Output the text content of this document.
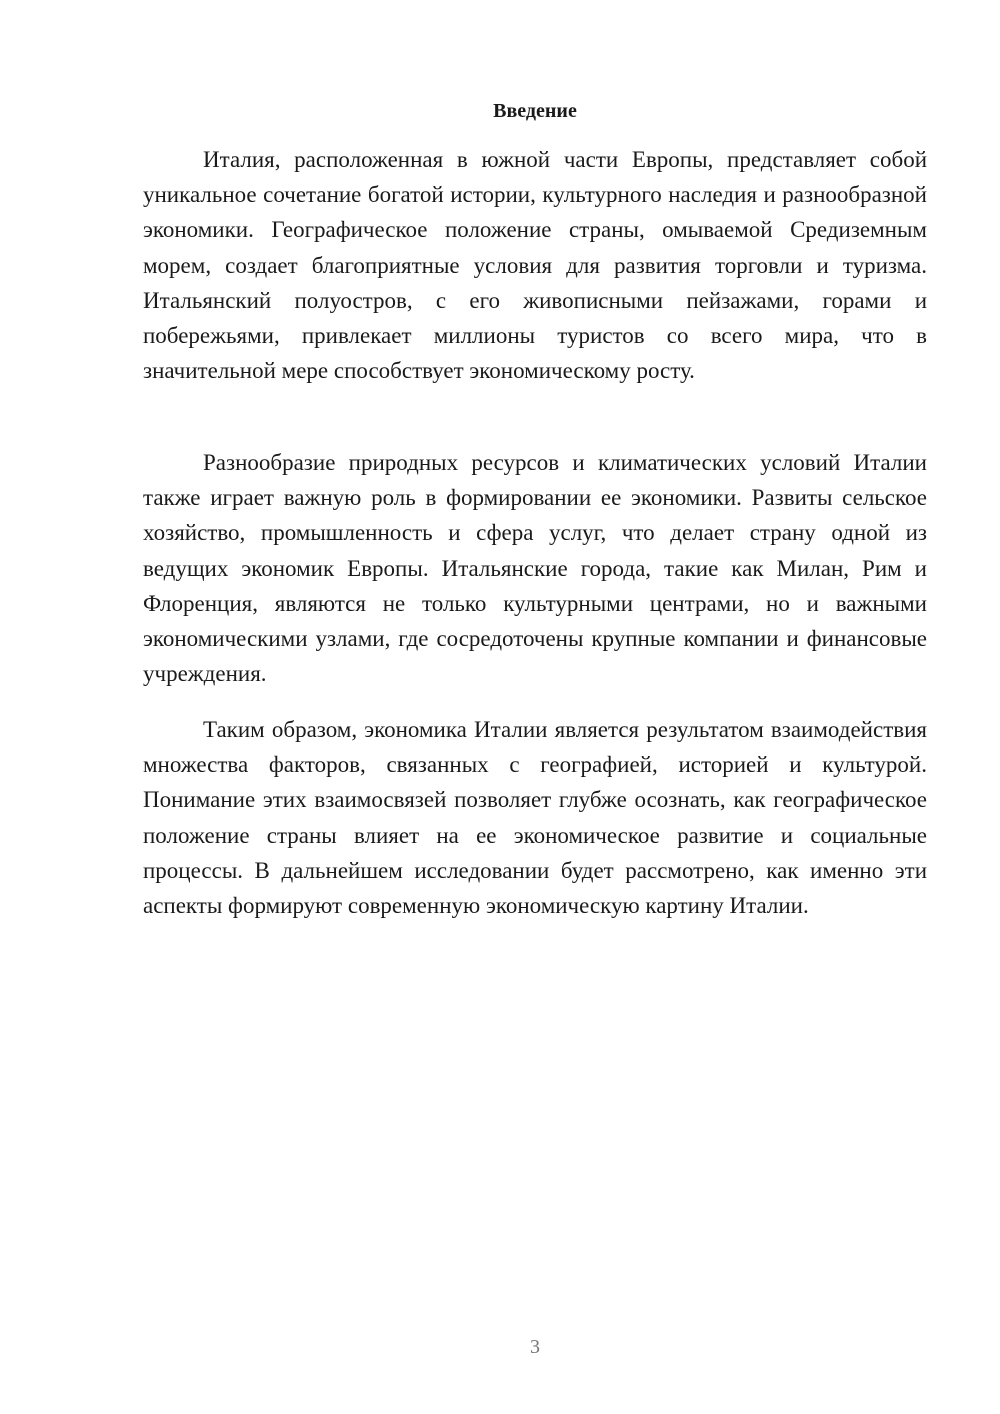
Введение

Италия, расположенная в южной части Европы, представляет собой уникальное сочетание богатой истории, культурного наследия и разнообразной экономики. Географическое положение страны, омываемой Средиземным морем, создает благоприятные условия для развития торговли и туризма. Итальянский полуостров, с его живописными пейзажами, горами и побережьями, привлекает миллионы туристов со всего мира, что в значительной мере способствует экономическому росту.

Разнообразие природных ресурсов и климатических условий Италии также играет важную роль в формировании ее экономики. Развиты сельское хозяйство, промышленность и сфера услуг, что делает страну одной из ведущих экономик Европы. Итальянские города, такие как Милан, Рим и Флоренция, являются не только культурными центрами, но и важными экономическими узлами, где сосредоточены крупные компании и финансовые учреждения.

Таким образом, экономика Италии является результатом взаимодействия множества факторов, связанных с географией, историей и культурой. Понимание этих взаимосвязей позволяет глубже осознать, как географическое положение страны влияет на ее экономическое развитие и социальные процессы. В дальнейшем исследовании будет рассмотрено, как именно эти аспекты формируют современную экономическую картину Италии.

3
